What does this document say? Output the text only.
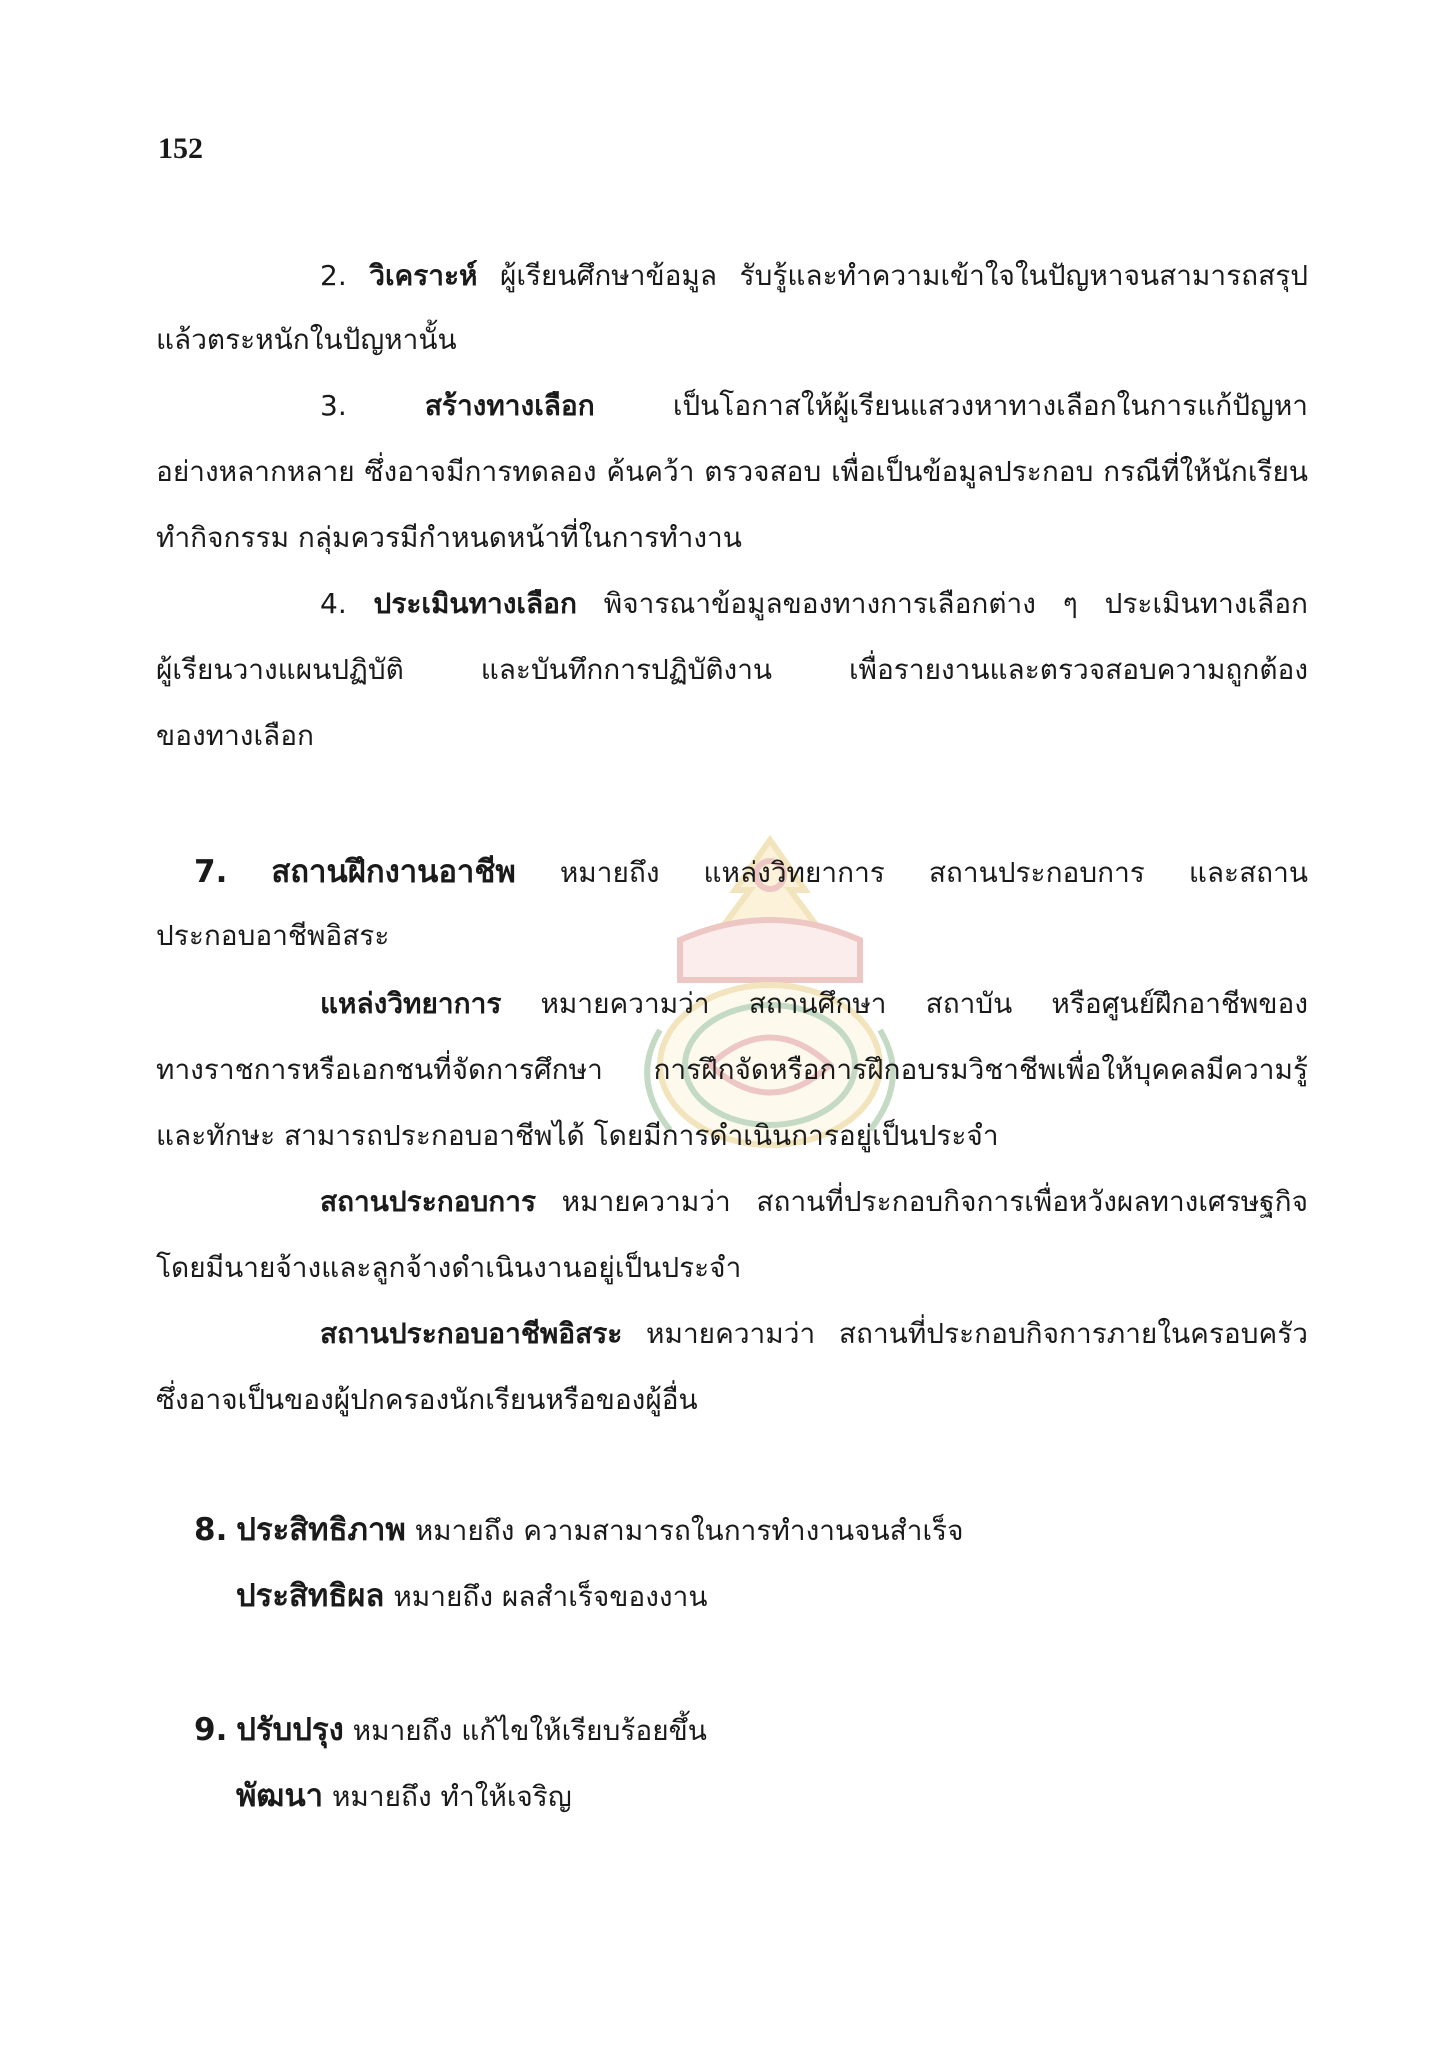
152
2. วิเคราะห์ ผู้เรียนศึกษาข้อมูล รับรู้และทำความเข้าใจในปัญหาจนสามารถสรุป
แล้วตระหนักในปัญหานั้น
3.	สร้างทางเลือก	เป็นโอกาสให้ผู้เรียนแสวงหาทางเลือกในการแก้ปัญหา
อย่างหลากหลาย ซึ่งอาจมีการทดลอง ค้นคว้า ตรวจสอบ เพื่อเป็นข้อมูลประกอบ กรณีที่ให้นักเรียน
ทำกิจกรรม กลุ่มควรมีกำหนดหน้าที่ในการทำงาน
4. ประเมินทางเลือก พิจารณาข้อมูลของทางการเลือกต่าง ๆ ประเมินทางเลือก
ผู้เรียนวางแผนปฏิบัติ และบันทึกการปฏิบัติงาน เพื่อรายงานและตรวจสอบความถูกต้อง
ของทางเลือก
7. สถานฝึกงานอาชีพ หมายถึง แหล่งวิทยาการ สถานประกอบการ และสถาน
ประกอบอาชีพอิสระ
แหล่งวิทยาการ หมายความว่า สถานศึกษา สถาบัน หรือศูนย์ฝึกอาชีพของ
ทางราชการหรือเอกชนที่จัดการศึกษา การฝึกจัดหรือการฝึกอบรมวิชาชีพเพื่อให้บุคคลมีความรู้
และทักษะ สามารถประกอบอาชีพได้ โดยมีการดำเนินการอยู่เป็นประจำ
สถานประกอบการ หมายความว่า สถานที่ประกอบกิจการเพื่อหวังผลทางเศรษฐกิจ
โดยมีนายจ้างและลูกจ้างดำเนินงานอยู่เป็นประจำ
สถานประกอบอาชีพอิสระ หมายความว่า สถานที่ประกอบกิจการภายในครอบครัว
ซึ่งอาจเป็นของผู้ปกครองนักเรียนหรือของผู้อื่น
8. ประสิทธิภาพ หมายถึง ความสามารถในการทำงานจนสำเร็จ
ประสิทธิผล หมายถึง ผลสำเร็จของงาน
9. ปรับปรุง หมายถึง แก้ไขให้เรียบร้อยขึ้น
พัฒนา หมายถึง ทำให้เจริญ
